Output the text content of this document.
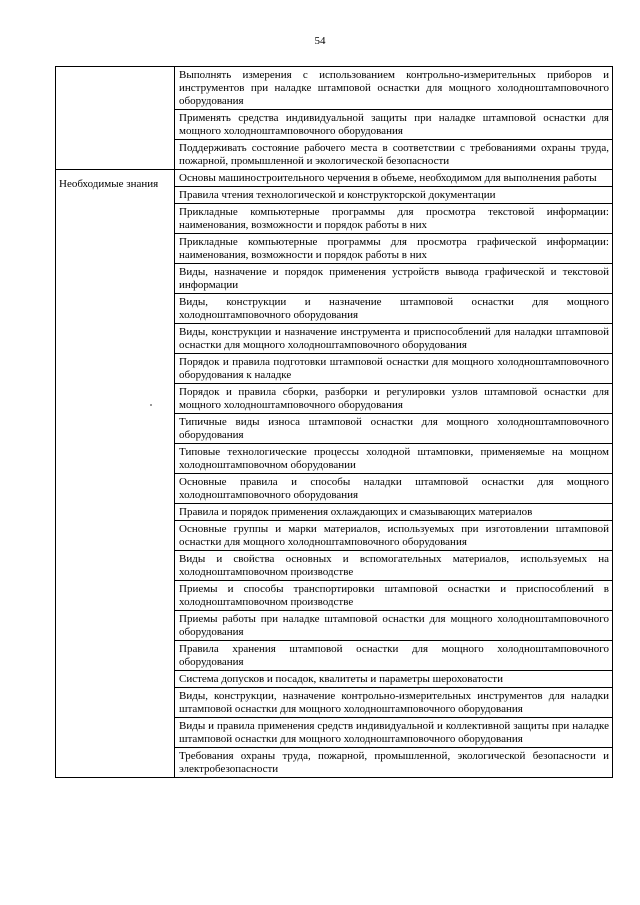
54
	Выполнять измерения с использованием контрольно-измерительных приборов и инструментов при наладке штамповой оснастки для мощного холодноштамповочного оборудования
	Применять средства индивидуальной защиты при наладке штамповой оснастки для мощного холодноштамповочного оборудования
	Поддерживать состояние рабочего места в соответствии с требованиями охраны труда, пожарной, промышленной и экологической безопасности
Необходимые знания	Основы машиностроительного черчения в объеме, необходимом для выполнения работы
	Правила чтения технологической и конструкторской документации
	Прикладные компьютерные программы для просмотра текстовой информации: наименования, возможности и порядок работы в них
	Прикладные компьютерные программы для просмотра графической информации: наименования, возможности и порядок работы в них
	Виды, назначение и порядок применения устройств вывода графической и текстовой информации
	Виды, конструкции и назначение штамповой оснастки для мощного холодноштамповочного оборудования
	Виды, конструкции и назначение инструмента и приспособлений для наладки штамповой оснастки для мощного холодноштамповочного оборудования
	Порядок и правила подготовки штамповой оснастки для мощного холодноштамповочного оборудования к наладке
	Порядок и правила сборки, разборки и регулировки узлов штамповой оснастки для мощного холодноштамповочного оборудования
	Типичные виды износа штамповой оснастки для мощного холодноштамповочного оборудования
	Типовые технологические процессы холодной штамповки, применяемые на мощном холодноштамповочном оборудовании
	Основные правила и способы наладки штамповой оснастки для мощного холодноштамповочного оборудования
	Правила и порядок применения охлаждающих и смазывающих материалов
	Основные группы и марки материалов, используемых при изготовлении штамповой оснастки для мощного холодноштамповочного оборудования
	Виды и свойства основных и вспомогательных материалов, используемых на холодноштамповочном производстве
	Приемы и способы транспортировки штамповой оснастки и приспособлений в холодноштамповочном производстве
	Приемы работы при наладке штамповой оснастки для мощного холодноштамповочного оборудования
	Правила хранения штамповой оснастки для мощного холодноштамповочного оборудования
	Система допусков и посадок, квалитеты и параметры шероховатости
	Виды, конструкции, назначение контрольно-измерительных инструментов для наладки штамповой оснастки для мощного холодноштамповочного оборудования
	Виды и правила применения средств индивидуальной и коллективной защиты при наладке штамповой оснастки для мощного холодноштамповочного оборудования
	Требования охраны труда, пожарной, промышленной, экологической безопасности и электробезопасности
